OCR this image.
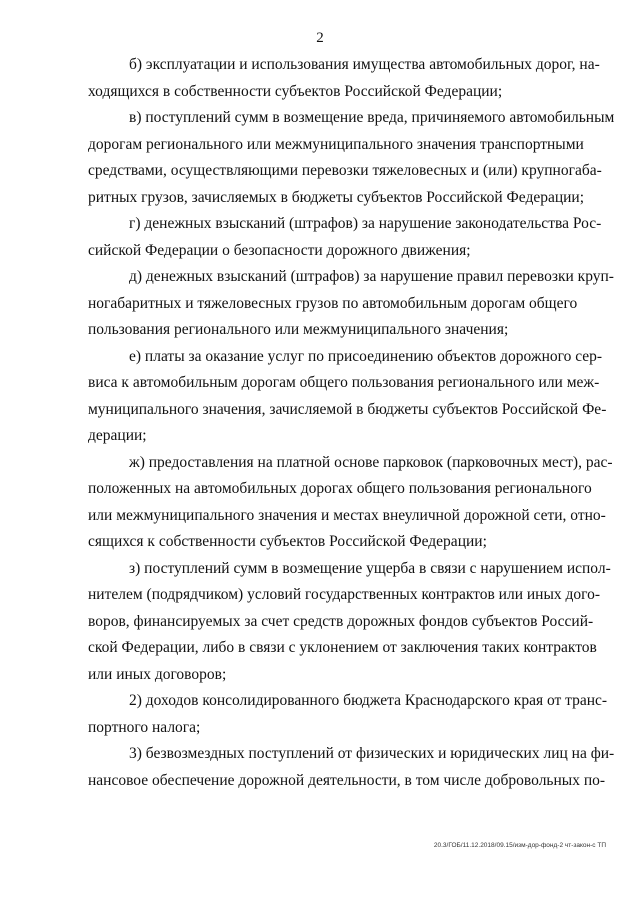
2

б) эксплуатации и использования имущества автомобильных дорог, на-
ходящихся в собственности субъектов Российской Федерации;

в) поступлений сумм в возмещение вреда, причиняемого автомобильным
дорогам регионального или межмуниципального значения транспортными
средствами, осуществляющими перевозки тяжеловесных и (или) крупногаба-
ритных грузов, зачисляемых в бюджеты субъектов Российской Федерации;

г) денежных взысканий (штрафов) за нарушение законодательства Рос-
сийской Федерации о безопасности дорожного движения;

д) денежных взысканий (штрафов) за нарушение правил перевозки круп-
ногабаритных и тяжеловесных грузов по автомобильным дорогам общего
пользования регионального или межмуниципального значения;

е) платы за оказание услуг по присоединению объектов дорожного сер-
виса к автомобильным дорогам общего пользования регионального или меж-
муниципального значения, зачисляемой в бюджеты субъектов Российской Фе-
дерации;

ж) предоставления на платной основе парковок (парковочных мест), рас-
положенных на автомобильных дорогах общего пользования регионального
или межмуниципального значения и местах внеуличной дорожной сети, отно-
сящихся к собственности субъектов Российской Федерации;

з) поступлений сумм в возмещение ущерба в связи с нарушением испол-
нителем (подрядчиком) условий государственных контрактов или иных дого-
воров, финансируемых за счет средств дорожных фондов субъектов Россий-
ской Федерации, либо в связи с уклонением от заключения таких контрактов
или иных договоров;

2) доходов консолидированного бюджета Краснодарского края от транс-
портного налога;

3) безвозмездных поступлений от физических и юридических лиц на фи-
нансовое обеспечение дорожной деятельности, в том числе добровольных по-

20.3/ГОБ/11.12.2018/09.15/изм-дор-фонд-2 чт-закон-с ТП
